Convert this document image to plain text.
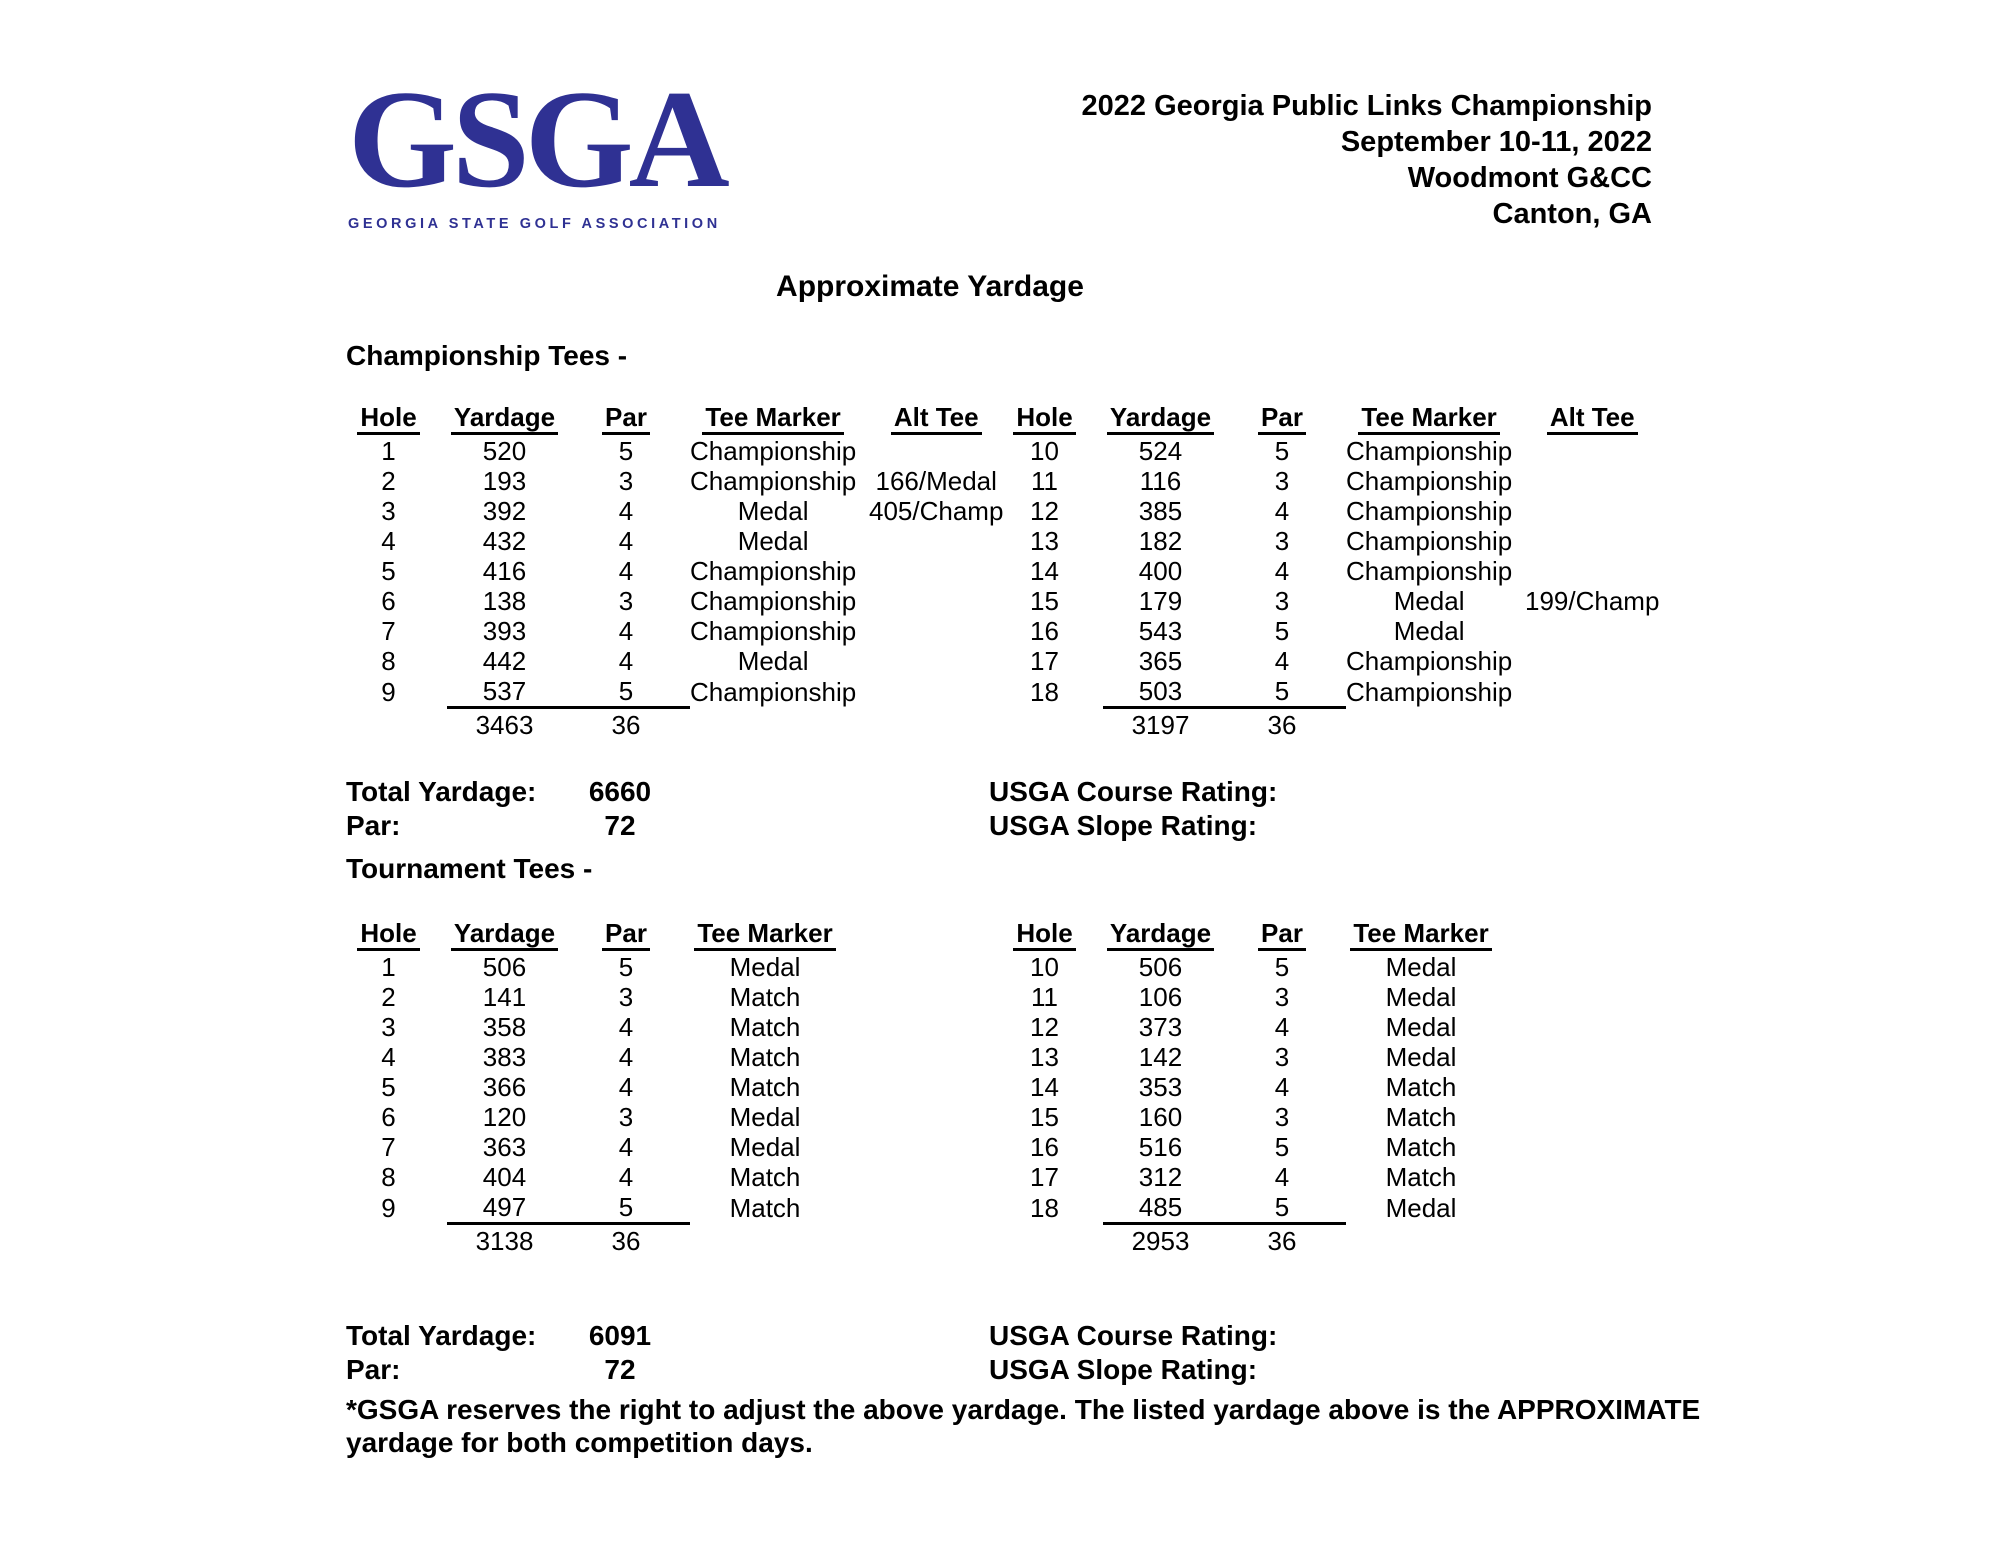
GSGA
GEORGIA STATE GOLF ASSOCIATION
2022 Georgia Public Links Championship
September 10-11, 2022
Woodmont G&CC
Canton, GA
Approximate Yardage
Championship Tees -
Hole	Yardage	Par	Tee Marker	Alt Tee
1	520	5	Championship	
2	193	3	Championship	166/Medal
3	392	4	Medal	405/Champ
4	432	4	Medal	
5	416	4	Championship	
6	138	3	Championship	
7	393	4	Championship	
8	442	4	Medal	
9	537	5	Championship	
	3463	36		
Hole	Yardage	Par	Tee Marker	Alt Tee
10	524	5	Championship	
11	116	3	Championship	
12	385	4	Championship	
13	182	3	Championship	
14	400	4	Championship	
15	179	3	Medal	199/Champ
16	543	5	Medal	
17	365	4	Championship	
18	503	5	Championship	
	3197	36		
Total Yardage:	6660
Par:	72
USGA Course Rating:
USGA Slope Rating:
Tournament Tees -
Hole	Yardage	Par	Tee Marker
1	506	5	Medal
2	141	3	Match
3	358	4	Match
4	383	4	Match
5	366	4	Match
6	120	3	Medal
7	363	4	Medal
8	404	4	Match
9	497	5	Match
	3138	36	
Hole	Yardage	Par	Tee Marker
10	506	5	Medal
11	106	3	Medal
12	373	4	Medal
13	142	3	Medal
14	353	4	Match
15	160	3	Match
16	516	5	Match
17	312	4	Match
18	485	5	Medal
	2953	36	
Total Yardage:	6091
Par:	72
USGA Course Rating:
USGA Slope Rating:
*GSGA reserves the right to adjust the above yardage. The listed yardage above is the APPROXIMATE
yardage for both competition days.
